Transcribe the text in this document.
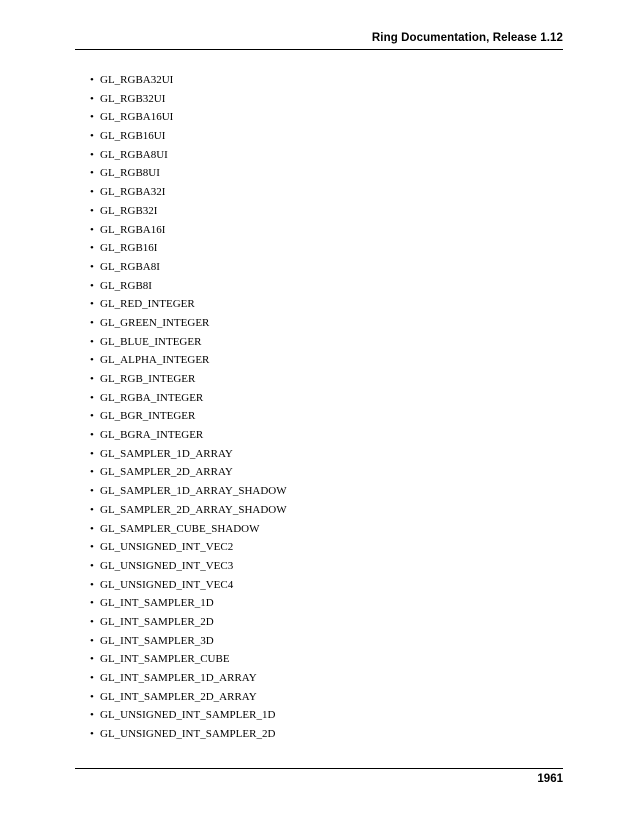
Ring Documentation, Release 1.12
• GL_RGBA32UI
• GL_RGB32UI
• GL_RGBA16UI
• GL_RGB16UI
• GL_RGBA8UI
• GL_RGB8UI
• GL_RGBA32I
• GL_RGB32I
• GL_RGBA16I
• GL_RGB16I
• GL_RGBA8I
• GL_RGB8I
• GL_RED_INTEGER
• GL_GREEN_INTEGER
• GL_BLUE_INTEGER
• GL_ALPHA_INTEGER
• GL_RGB_INTEGER
• GL_RGBA_INTEGER
• GL_BGR_INTEGER
• GL_BGRA_INTEGER
• GL_SAMPLER_1D_ARRAY
• GL_SAMPLER_2D_ARRAY
• GL_SAMPLER_1D_ARRAY_SHADOW
• GL_SAMPLER_2D_ARRAY_SHADOW
• GL_SAMPLER_CUBE_SHADOW
• GL_UNSIGNED_INT_VEC2
• GL_UNSIGNED_INT_VEC3
• GL_UNSIGNED_INT_VEC4
• GL_INT_SAMPLER_1D
• GL_INT_SAMPLER_2D
• GL_INT_SAMPLER_3D
• GL_INT_SAMPLER_CUBE
• GL_INT_SAMPLER_1D_ARRAY
• GL_INT_SAMPLER_2D_ARRAY
• GL_UNSIGNED_INT_SAMPLER_1D
• GL_UNSIGNED_INT_SAMPLER_2D
1961
